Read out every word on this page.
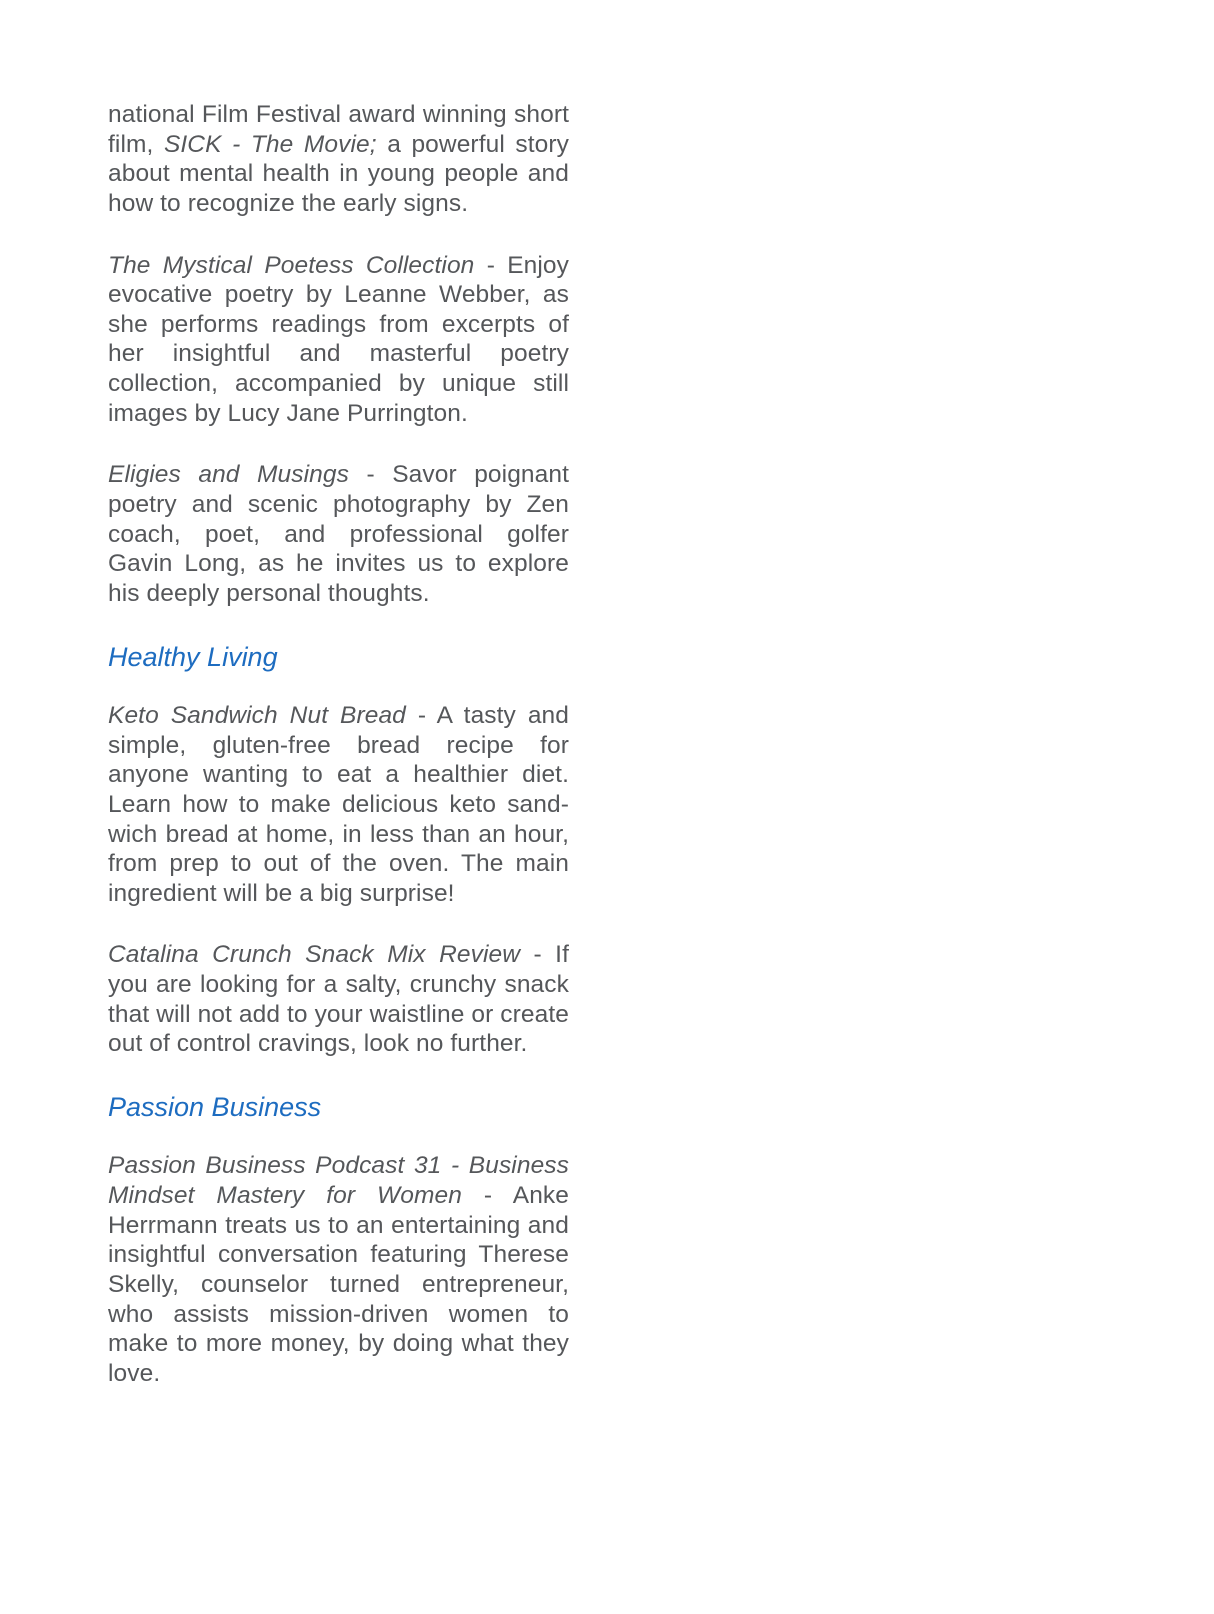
national Film Festival award winning short film, SICK - The Movie; a powerful story about mental health in young people and how to recognize the early signs.

The Mystical Poetess Collection - Enjoy evocative poetry by Leanne Webber, as she performs readings from excerpts of her insightful and masterful poetry collection, accompanied by unique still images by Lucy Jane Purrington.

Eligies and Musings - Savor poignant poetry and scenic photography by Zen coach, poet, and professional golfer Gavin Long, as he invites us to explore his deeply personal thoughts.

Healthy Living

Keto Sandwich Nut Bread - A tasty and simple, gluten-free bread recipe for anyone wanting to eat a healthier diet. Learn how to make delicious keto sand-wich bread at home, in less than an hour, from prep to out of the oven. The main ingredient will be a big surprise!

Catalina Crunch Snack Mix Review - If you are looking for a salty, crunchy snack that will not add to your waistline or create out of control cravings, look no further.

Passion Business

Passion Business Podcast 31 - Business Mindset Mastery for Women - Anke Herrmann treats us to an entertaining and insightful conversation featuring Therese Skelly, counselor turned entrepreneur, who assists mission-driven women to make to more money, by doing what they love.
